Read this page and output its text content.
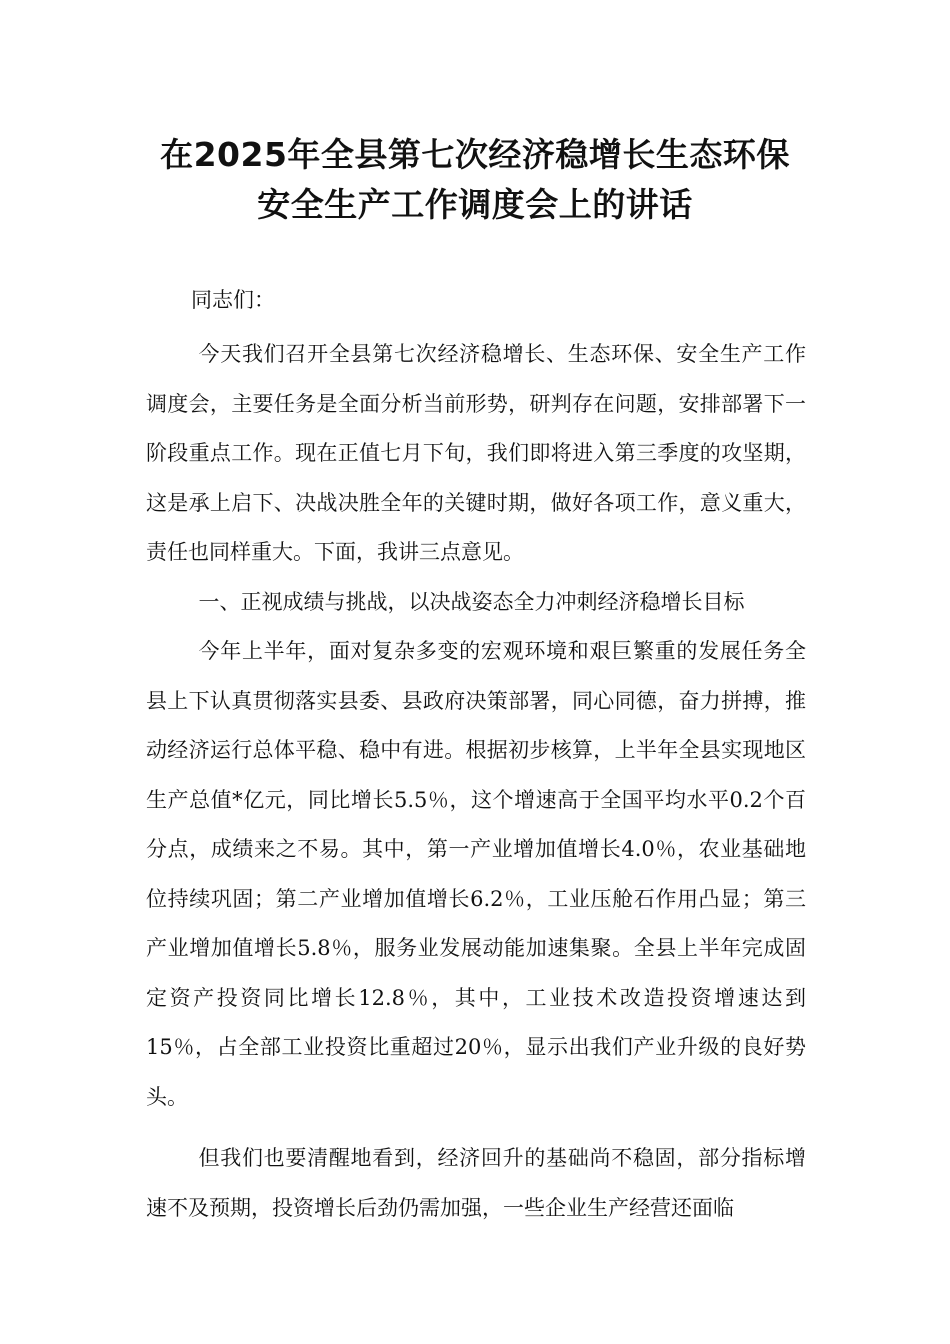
在2025年全县第七次经济稳增长生态环保
安全生产工作调度会上的讲话
同志们：

今天我们召开全县第七次经济稳增长、生态环保、安全生产工作调度会，主要任务是全面分析当前形势，研判存在问题，安排部署下一阶段重点工作。现在正值七月下旬，我们即将进入第三季度的攻坚期，这是承上启下、决战决胜全年的关键时期，做好各项工作，意义重大，责任也同样重大。下面，我讲三点意见。

一、正视成绩与挑战，以决战姿态全力冲刺经济稳增长目标

今年上半年，面对复杂多变的宏观环境和艰巨繁重的发展任务全县上下认真贯彻落实县委、县政府决策部署，同心同德，奋力拼搏，推动经济运行总体平稳、稳中有进。根据初步核算，上半年全县实现地区生产总值*亿元，同比增长5.5％，这个增速高于全国平均水平0.2个百分点，成绩来之不易。其中，第一产业增加值增长4.0％，农业基础地位持续巩固；第二产业增加值增长6.2％，工业压舱石作用凸显；第三产业增加值增长5.8％，服务业发展动能加速集聚。全县上半年完成固定资产投资同比增长12.8％，其中，工业技术改造投资增速达到15％，占全部工业投资比重超过20％，显示出我们产业升级的良好势头。

但我们也要清醒地看到，经济回升的基础尚不稳固，部分指标增速不及预期，投资增长后劲仍需加强，一些企业生产经营还面临
